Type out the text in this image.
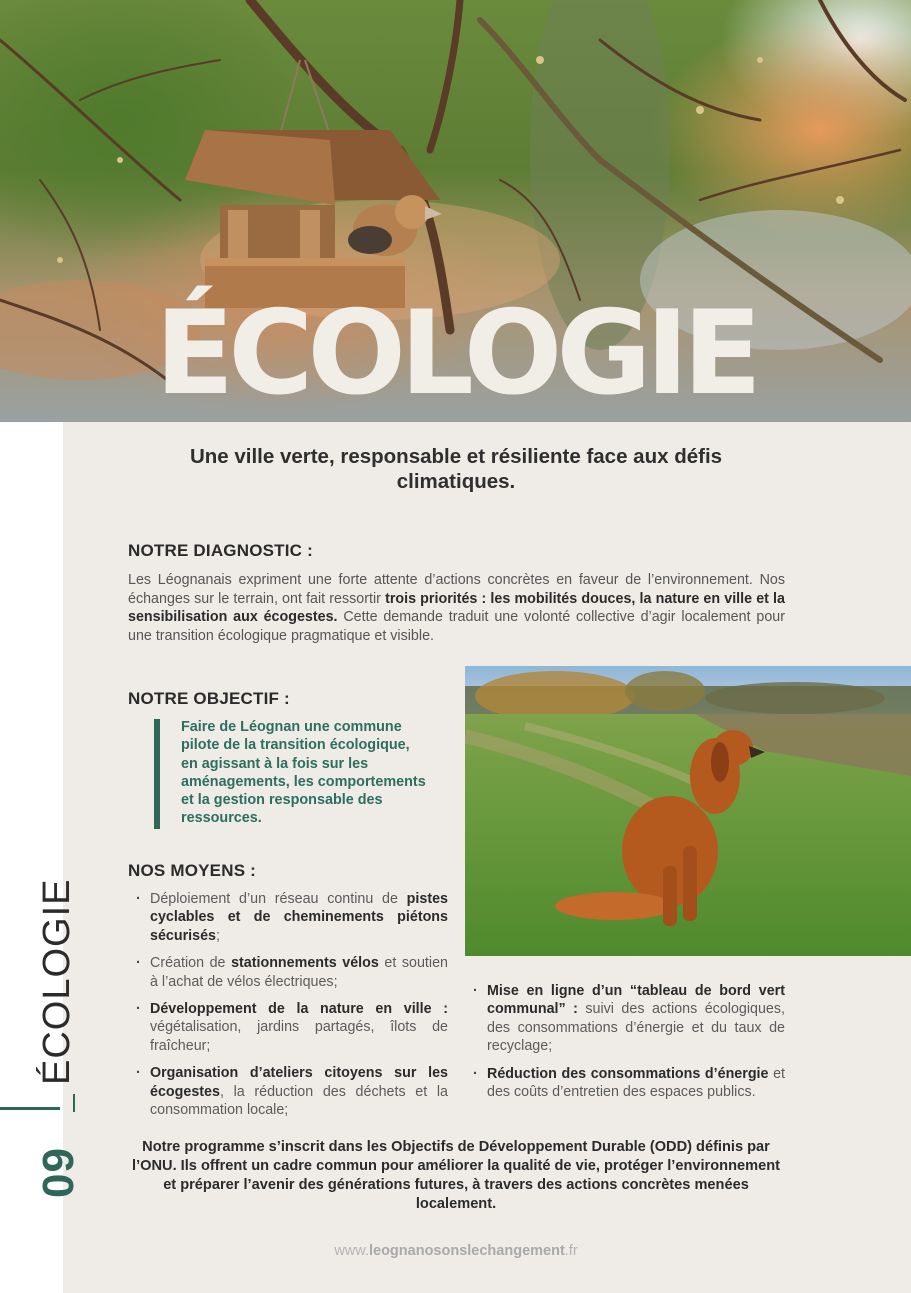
ÉCOLOGIE
Une ville verte, responsable et résiliente face aux défis climatiques.
NOTRE DIAGNOSTIC :

Les Léognanais expriment une forte attente d’actions concrètes en faveur de l’environnement. Nos échanges sur le terrain, ont fait ressortir trois priorités : les mobilités douces, la nature en ville et la sensibilisation aux écogestes. Cette demande traduit une volonté collective d’agir localement pour une transition écologique pragmatique et visible.

NOTRE OBJECTIF :
Faire de Léognan une commune pilote de la transition écologique, en agissant à la fois sur les aménagements, les comportements et la gestion responsable des ressources.
NOS MOYENS :
· Déploiement d’un réseau continu de pistes cyclables et de cheminements piétons sécurisés;
· Création de stationnements vélos et soutien à l’achat de vélos électriques;
· Développement de la nature en ville : végétalisation, jardins partagés, îlots de fraîcheur;
· Organisation d’ateliers citoyens sur les écogestes, la réduction des déchets et la consommation locale;
· Mise en ligne d’un “tableau de bord vert communal” : suivi des actions écologiques, des consommations d’énergie et du taux de recyclage;
· Réduction des consommations d’énergie et des coûts d’entretien des espaces publics.
Notre programme s’inscrit dans les Objectifs de Développement Durable (ODD) définis par l’ONU. Ils offrent un cadre commun pour améliorer la qualité de vie, protéger l’environnement et préparer l’avenir des générations futures, à travers des actions concrètes menées localement.
www.leognanosonslechangement.fr
ÉCOLOGIE
09
